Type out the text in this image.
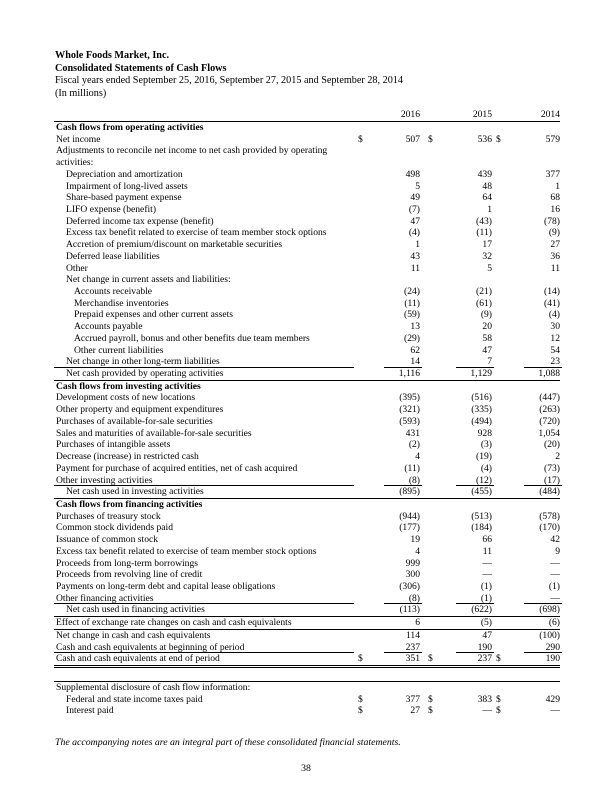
Whole Foods Market, Inc.
Consolidated Statements of Cash Flows
Fiscal years ended September 25, 2016, September 27, 2015 and September 28, 2014
(In millions)
2016	2015	2014
Cash flows from operating activities
Net income	$	507 $	536 $	579
Adjustments to reconcile net income to net cash provided by operating activities:
Depreciation and amortization	498	439	377
Impairment of long-lived assets	5	48	1
Share-based payment expense	49	64	68
LIFO expense (benefit)	(7)	1	16
Deferred income tax expense (benefit)	47	(43)	(78)
Excess tax benefit related to exercise of team member stock options	(4)	(11)	(9)
Accretion of premium/discount on marketable securities	1	17	27
Deferred lease liabilities	43	32	36
Other	11	5	11
Net change in current assets and liabilities:
Accounts receivable	(24)	(21)	(14)
Merchandise inventories	(11)	(61)	(41)
Prepaid expenses and other current assets	(59)	(9)	(4)
Accounts payable	13	20	30
Accrued payroll, bonus and other benefits due team members	(29)	58	12
Other current liabilities	62	47	54
Net change in other long-term liabilities	14	7	23
Net cash provided by operating activities	1,116	1,129	1,088
Cash flows from investing activities
Development costs of new locations	(395)	(516)	(447)
Other property and equipment expenditures	(321)	(335)	(263)
Purchases of available-for-sale securities	(593)	(494)	(720)
Sales and maturities of available-for-sale securities	431	928	1,054
Purchases of intangible assets	(2)	(3)	(20)
Decrease (increase) in restricted cash	4	(19)	2
Payment for purchase of acquired entities, net of cash acquired	(11)	(4)	(73)
Other investing activities	(8)	(12)	(17)
Net cash used in investing activities	(895)	(455)	(484)
Cash flows from financing activities
Purchases of treasury stock	(944)	(513)	(578)
Common stock dividends paid	(177)	(184)	(170)
Issuance of common stock	19	66	42
Excess tax benefit related to exercise of team member stock options	4	11	9
Proceeds from long-term borrowings	999	—	—
Proceeds from revolving line of credit	300	—	—
Payments on long-term debt and capital lease obligations	(306)	(1)	(1)
Other financing activities	(8)	(1)	—
Net cash used in financing activities	(113)	(622)	(698)
Effect of exchange rate changes on cash and cash equivalents	6	(5)	(6)
Net change in cash and cash equivalents	114	47	(100)
Cash and cash equivalents at beginning of period	237	190	290
Cash and cash equivalents at end of period	$	351 $	237 $	190
Supplemental disclosure of cash flow information:
Federal and state income taxes paid	$	377 $	383 $	429
Interest paid	$	27 $	— $	—
The accompanying notes are an integral part of these consolidated financial statements.
38
